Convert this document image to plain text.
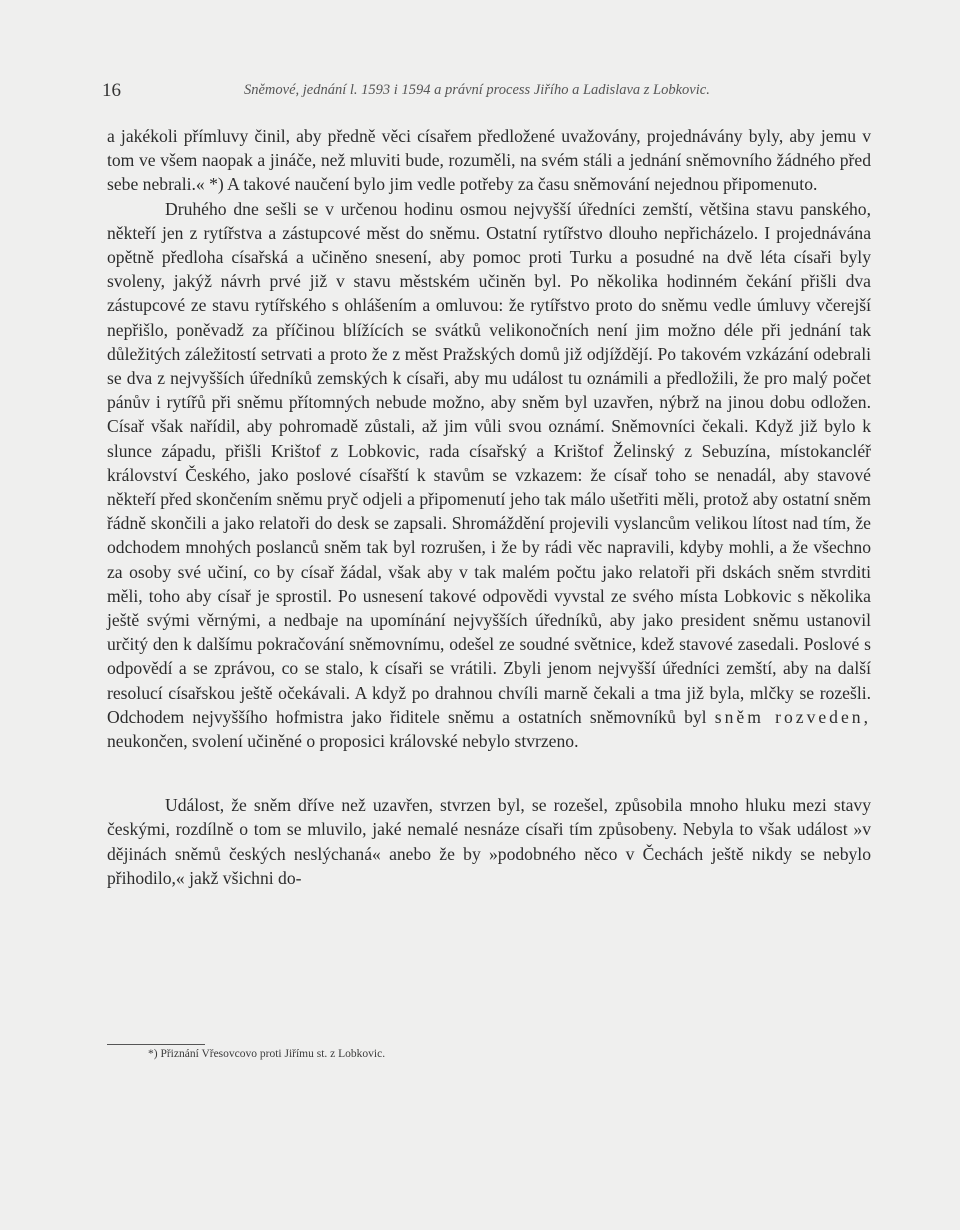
16	Sněmové, jednání l. 1593 i 1594 a právní process Jiřího a Ladislava z Lobkovic.

a jakékoli přímluvy činil, aby předně věci císařem předložené uvažovány, projednávány byly, aby jemu v tom ve všem naopak a jináče, než mluviti bude, rozuměli, na svém stáli a jednání sněmovního žádného před sebe nebrali.« *) A takové naučení bylo jim vedle potřeby za času sněmování nejednou připomenuto.

Druhého dne sešli se v určenou hodinu osmou nejvyšší úředníci zemští, většina stavu panského, někteří jen z rytířstva a zástupcové měst do sněmu. Ostatní rytířstvo dlouho nepřicházelo. I projednávána opětně předloha císařská a učiněno snesení, aby pomoc proti Turku a posudné na dvě léta císaři byly svoleny, jakýž návrh prvé již v stavu městském učiněn byl. Po několika hodinném čekání přišli dva zástupcové ze stavu rytířského s ohlášením a omluvou: že rytířstvo proto do sněmu vedle úmluvy včerejší nepřišlo, poněvadž za příčinou blížících se svátků velikonočních není jim možno déle při jednání tak důležitých záležitostí setrvati a proto že z měst Pražských domů již odjíždějí. Po takovém vzkázání odebrali se dva z nejvyšších úředníků zemských k císaři, aby mu událost tu oznámili a předložili, že pro malý počet pánův i rytířů při sněmu přítomných nebude možno, aby sněm byl uzavřen, nýbrž na jinou dobu odložen. Císař však nařídil, aby pohromadě zůstali, až jim vůli svou oznámí. Sněmovníci čekali. Když již bylo k slunce západu, přišli Krištof z Lobkovic, rada císařský a Krištof Želinský z Sebuzína, místokancléř království Českého, jako poslové císařští k stavům se vzkazem: že císař toho se nenadál, aby stavové někteří před skončením sněmu pryč odjeli a připomenutí jeho tak málo ušetřiti měli, protož aby ostatní sněm řádně skončili a jako relatoři do desk se zapsali. Shromáždění projevili vyslancům velikou lítost nad tím, že odchodem mnohých poslanců sněm tak byl rozrušen, i že by rádi věc napravili, kdyby mohli, a že všechno za osoby své učiní, co by císař žádal, však aby v tak malém počtu jako relatoři při dskách sněm stvrditi měli, toho aby císař je sprostil. Po usnesení takové odpovědi vyvstal ze svého místa Lobkovic s několika ještě svými věrnými, a nedbaje na upomínání nejvyšších úředníků, aby jako president sněmu ustanovil určitý den k dalšímu pokračování sněmovnímu, odešel ze soudné světnice, kdež stavové zasedali. Poslové s odpovědí a se zprávou, co se stalo, k císaři se vrátili. Zbyli jenom nejvyšší úředníci zemští, aby na další resolucí císařskou ještě očekávali. A když po drahnou chvíli marně čekali a tma již byla, mlčky se rozešli. Odchodem nejvyššího hofmistra jako řiditele sněmu a ostatních sněmovníků byl sněm rozveden, neukončen, svolení učiněné o proposici královské nebylo stvrzeno.

Událost, že sněm dříve než uzavřen, stvrzen byl, se rozešel, způsobila mnoho hluku mezi stavy českými, rozdílně o tom se mluvilo, jaké nemalé nesnáze císaři tím způsobeny. Nebyla to však událost »v dějinách sněmů českých neslýchaná« anebo že by »podobného něco v Čechách ještě nikdy se nebylo přihodilo,« jakž všichni do-

*) Přiznání Vřesovcovo proti Jiřímu st. z Lobkovic.
